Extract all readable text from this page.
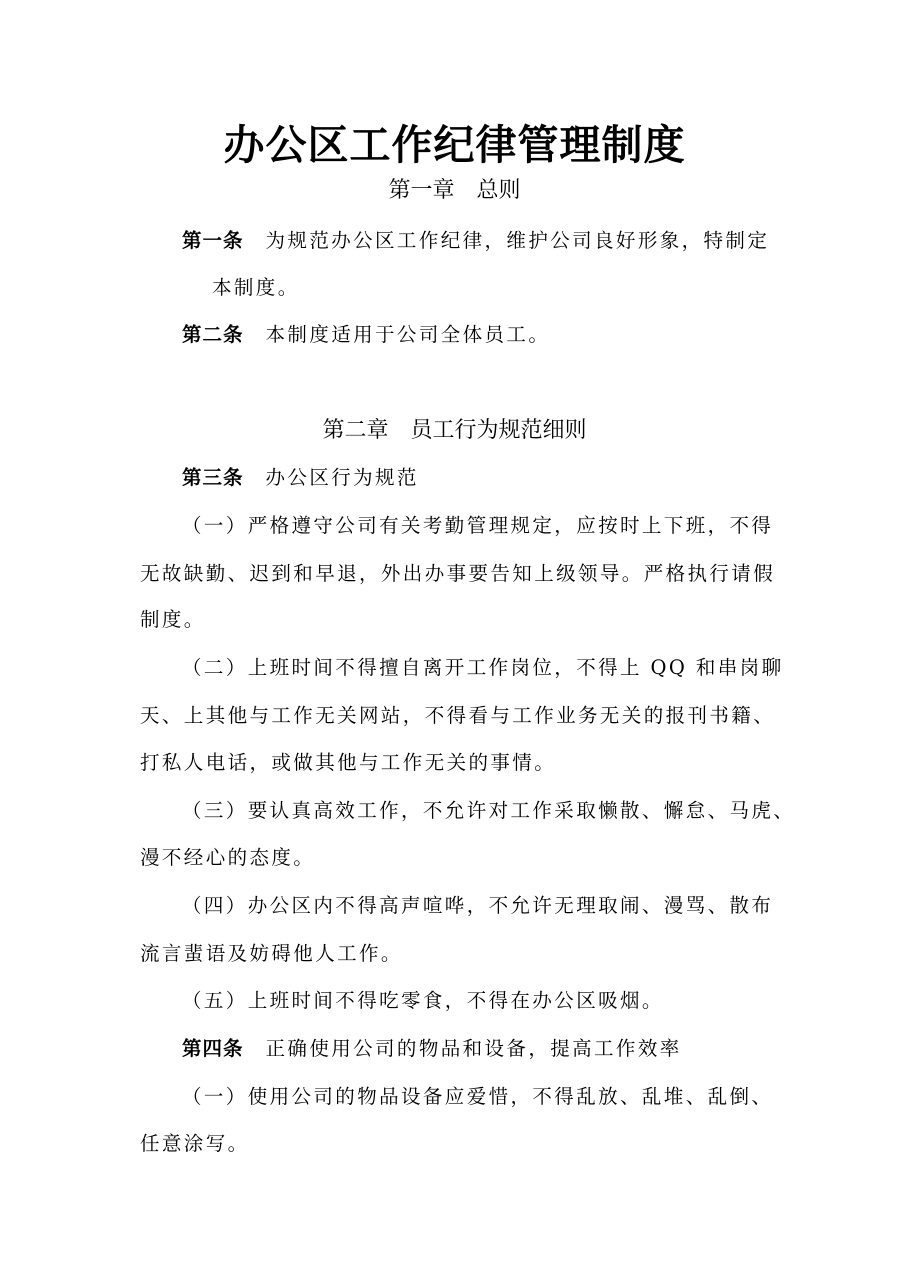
办公区工作纪律管理制度
第一章　总则
第一条 为规范办公区工作纪律，维护公司良好形象，特制定
本制度。
第二条 本制度适用于公司全体员工。
第二章　员工行为规范细则
第三条 办公区行为规范
（一）严格遵守公司有关考勤管理规定，应按时上下班，不得
无故缺勤、迟到和早退，外出办事要告知上级领导。严格执行请假
制度。
（二）上班时间不得擅自离开工作岗位，不得上 QQ 和串岗聊
天、上其他与工作无关网站，不得看与工作业务无关的报刊书籍、
打私人电话，或做其他与工作无关的事情。
（三）要认真高效工作，不允许对工作采取懒散、懈怠、马虎、
漫不经心的态度。
（四）办公区内不得高声喧哗，不允许无理取闹、漫骂、散布
流言蜚语及妨碍他人工作。
（五）上班时间不得吃零食，不得在办公区吸烟。
第四条 正确使用公司的物品和设备，提高工作效率
（一）使用公司的物品设备应爱惜，不得乱放、乱堆、乱倒、
任意涂写。
